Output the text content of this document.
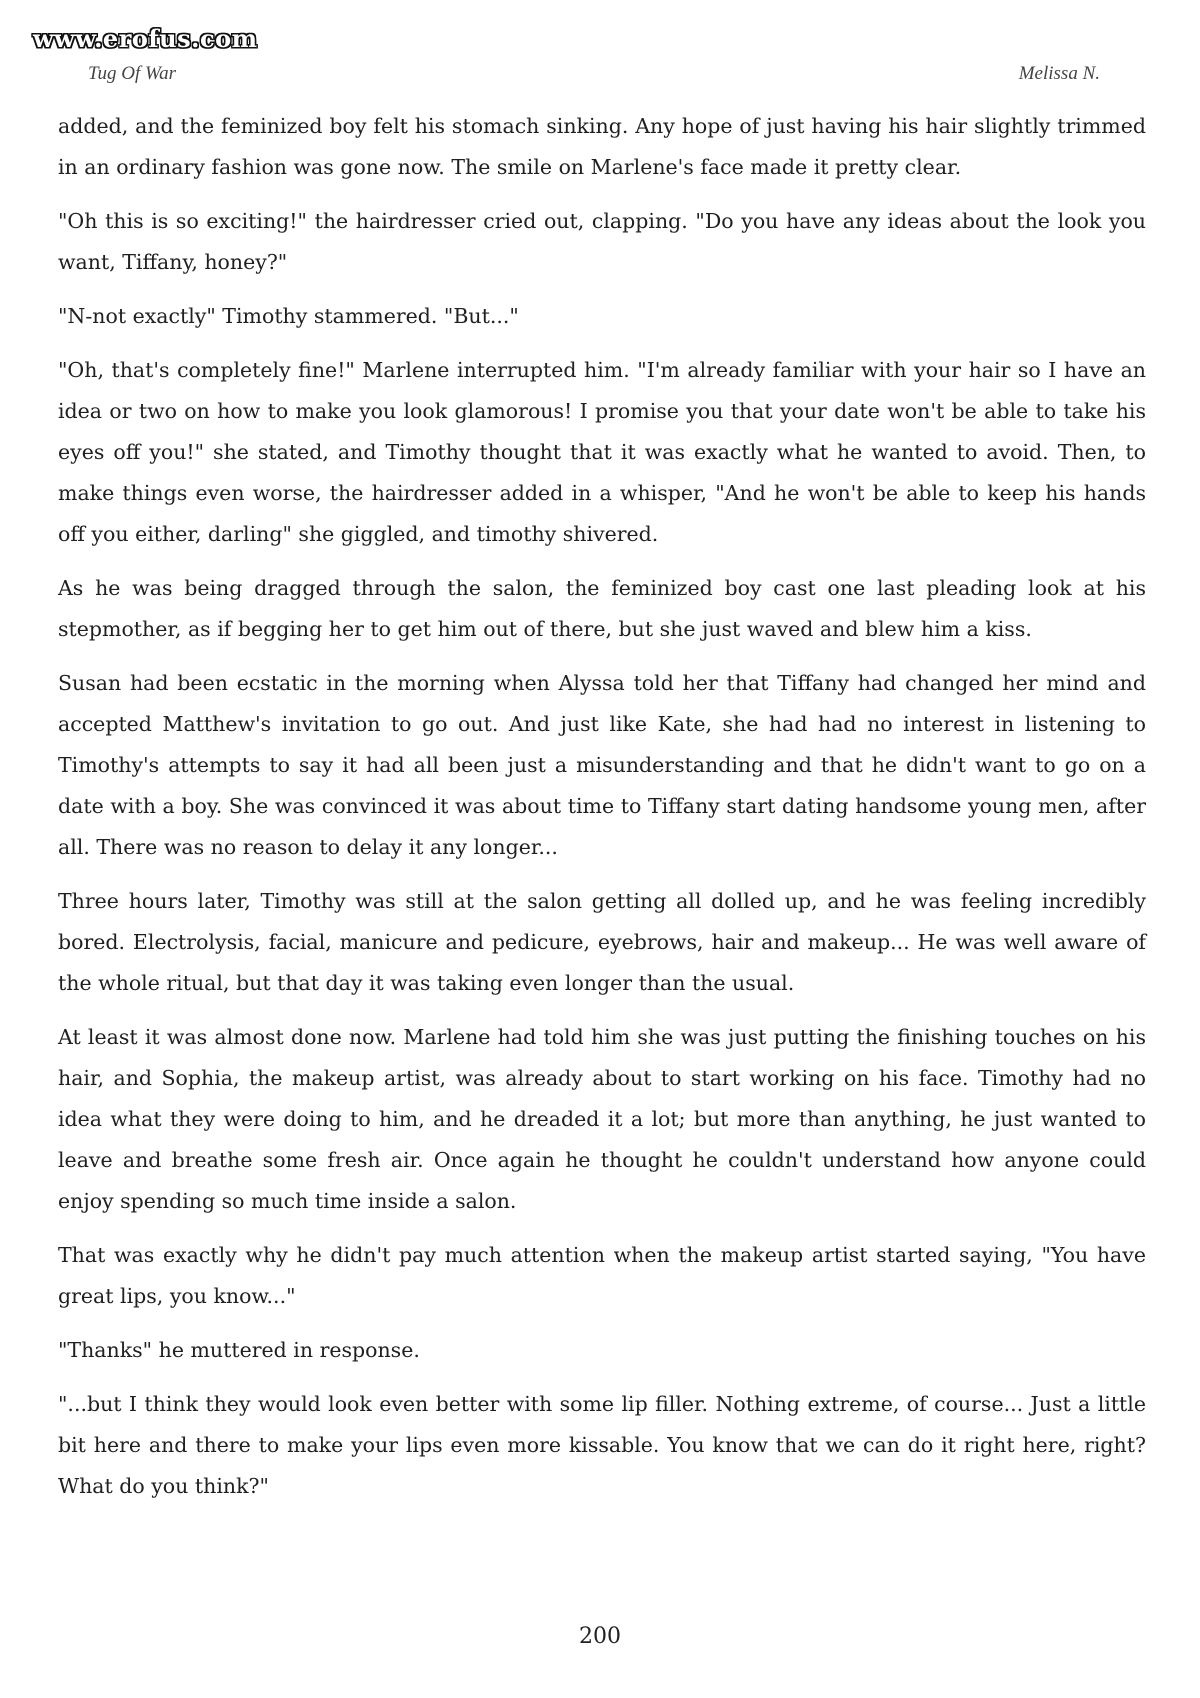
www.erofus.com
Tug Of War	Melissa N.

added, and the feminized boy felt his stomach sinking. Any hope of just having his hair slightly trimmed in an ordinary fashion was gone now. The smile on Marlene's face made it pretty clear.

"Oh this is so exciting!" the hairdresser cried out, clapping. "Do you have any ideas about the look you want, Tiffany, honey?"

"N-not exactly" Timothy stammered. "But..."

"Oh, that's completely fine!" Marlene interrupted him. "I'm already familiar with your hair so I have an idea or two on how to make you look glamorous! I promise you that your date won't be able to take his eyes off you!" she stated, and Timothy thought that it was exactly what he wanted to avoid. Then, to make things even worse, the hairdresser added in a whisper, "And he won't be able to keep his hands off you either, darling" she giggled, and timothy shivered.

As he was being dragged through the salon, the feminized boy cast one last pleading look at his stepmother, as if begging her to get him out of there, but she just waved and blew him a kiss.

Susan had been ecstatic in the morning when Alyssa told her that Tiffany had changed her mind and accepted Matthew's invitation to go out. And just like Kate, she had had no interest in listening to Timothy's attempts to say it had all been just a misunderstanding and that he didn't want to go on a date with a boy. She was convinced it was about time to Tiffany start dating handsome young men, after all. There was no reason to delay it any longer...

Three hours later, Timothy was still at the salon getting all dolled up, and he was feeling incredibly bored. Electrolysis, facial, manicure and pedicure, eyebrows, hair and makeup... He was well aware of the whole ritual, but that day it was taking even longer than the usual.

At least it was almost done now. Marlene had told him she was just putting the finishing touches on his hair, and Sophia, the makeup artist, was already about to start working on his face. Timothy had no idea what they were doing to him, and he dreaded it a lot; but more than anything, he just wanted to leave and breathe some fresh air. Once again he thought he couldn't understand how anyone could enjoy spending so much time inside a salon.

That was exactly why he didn't pay much attention when the makeup artist started saying, "You have great lips, you know..."

"Thanks" he muttered in response.

"...but I think they would look even better with some lip filler. Nothing extreme, of course... Just a little bit here and there to make your lips even more kissable. You know that we can do it right here, right? What do you think?"

200
